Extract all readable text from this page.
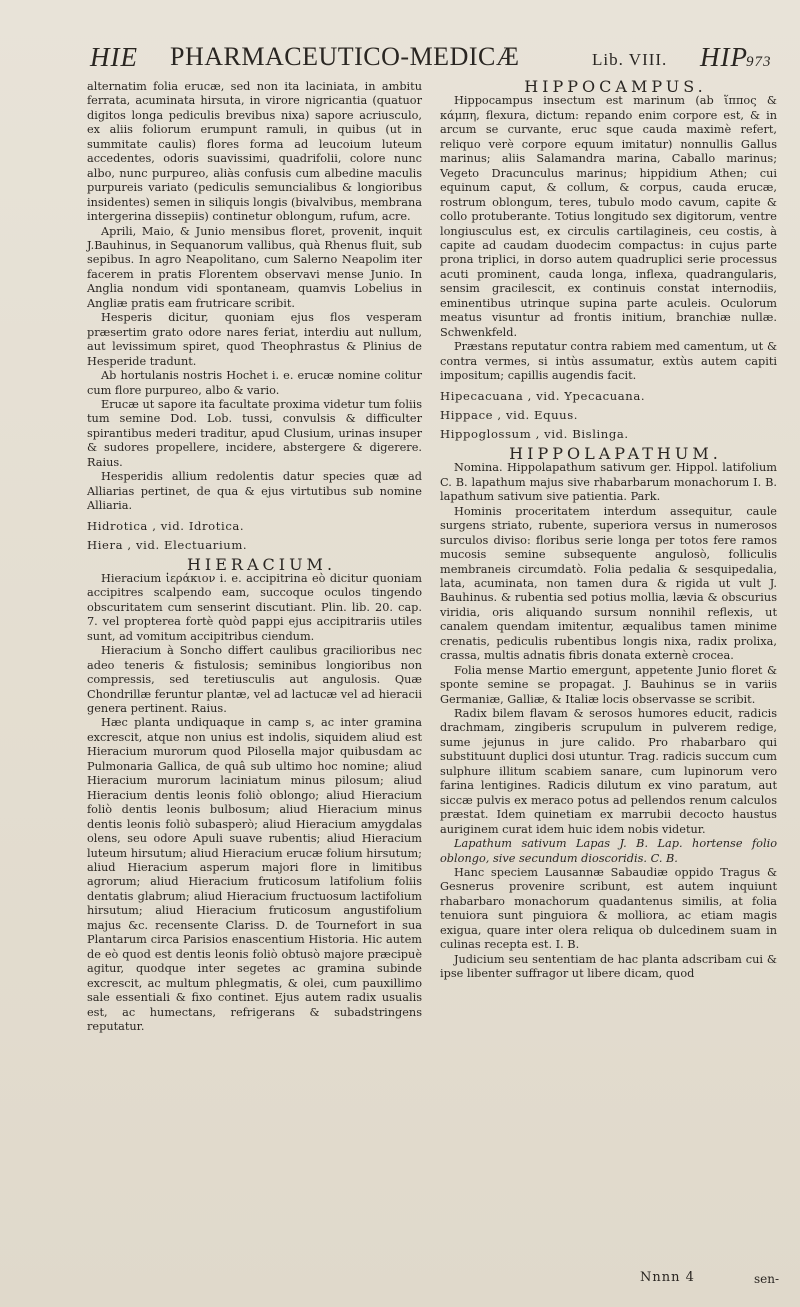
HIE PHARMACEUTICO-MEDICÆ	Lib. VIII. HIP
973

alternatim folia erucæ, sed non ita laciniata, in ambitu ferrata, acuminata hirsuta, in virore nigricantia (quatuor digitos longa pediculis brevibus nixa) sapore acriusculo, ex aliis foliorum erumpunt ramuli, in quibus (ut in summitate caulis) flores forma ad leucoium luteum accedentes, odoris suavissimi, quadrifolii, colore nunc albo, nunc purpureo, aliàs confusis cum albedine maculis purpureis variato (pediculis semuncialibus & longioribus insidentes) semen in siliquis longis (bivalvibus, membrana intergerina dissepiis) continetur oblongum, rufum, acre.

Aprili, Maio, & Junio mensibus floret, provenit, inquit J.Bauhinus, in Sequanorum vallibus, quà Rhenus fluit, sub sepibus. In agro Neapolitano, cum Salerno Neapolim iter facerem in pratis Florentem observavi mense Junio. In Anglia nondum vidi spontaneam, quamvis Lobelius in Angliæ pratis eam frutricare scribit.

Hesperis dicitur, quoniam ejus flos vesperam præsertim grato odore nares feriat, interdiu aut nullum, aut levissimum spiret, quod Theophrastus & Plinius de Hesperide tradunt.

Ab hortulanis nostris Hochet i. e. erucæ nomine colitur cum flore purpureo, albo & vario.

Erucæ ut sapore ita facultate proxima videtur tum foliis tum semine Dod. Lob. tussi, convulsis & difficulter spirantibus mederi traditur, apud Clusium, urinas insuper & sudores propellere, incidere, abstergere & digerere. Raius.

Hesperidis allium redolentis datur species quæ ad Alliarias pertinet, de qua & ejus virtutibus sub nomine Alliaria.

Hidrotica , vid. Idrotica.

Hiera , vid. Electuarium.

HIERACIUM.

Hieracium ἱεράκιον i. e. accipitrina eò dicitur quoniam accipitres scalpendo eam, succoque oculos tingendo obscuritatem cum senserint discutiant. Plin. lib. 20. cap. 7. vel propterea fortè quòd pappi ejus accipitrariis utiles sunt, ad vomitum accipitribus ciendum.

Hieracium à Soncho differt caulibus gracilioribus nec adeo teneris & fistulosis; seminibus longioribus non compressis, sed teretiusculis aut angulosis. Quæ Chondrillæ feruntur plantæ, vel ad lactucæ vel ad hieracii genera pertinent. Raius.

Hæc planta undiquaque in camp s, ac inter gramina excrescit, atque non unius est indolis, siquidem aliud est Hieracium murorum quod Pilosella major quibusdam ac Pulmonaria Gallica, de quâ sub ultimo hoc nomine; aliud Hieracium murorum laciniatum minus pilosum; aliud Hieracium dentis leonis foliò oblongo; aliud Hieracium foliò dentis leonis bulbosum; aliud Hieracium minus dentis leonis foliò subasperò; aliud Hieracium amygdalas olens, seu odore Apuli suave rubentis; aliud Hieracium luteum hirsutum; aliud Hieracium erucæ folium hirsutum; aliud Hieracium asperum majori flore in limitibus agrorum; aliud Hieracium fruticosum latifolium foliis dentatis glabrum; aliud Hieracium fructuosum lactifolium hirsutum; aliud Hieracium fruticosum angustifolium majus &c. recensente Clariss. D. de Tournefort in sua Plantarum circa Parisios enascentium Historia. Hic autem de eò quod est dentis leonis foliò obtusò majore præcipuè agitur, quodque inter segetes ac gramina subinde excrescit, ac multum phlegmatis, & olei, cum pauxillimo sale essentiali & fixo continet. Ejus autem radix usualis est, ac humectans, refrigerans & subadstringens reputatur.

HIPPOCAMPUS.

Hippocampus insectum est marinum (ab ἵππος & κάμπη, flexura, dictum: repando enim corpore est, & in arcum se curvante, eruc sque cauda maximè refert, reliquo verè corpore equum imitatur) nonnullis Gallus marinus; aliis Salamandra marina, Caballo marinus; Vegeto Dracunculus marinus; hippidium Athen; cui equinum caput, & collum, & corpus, cauda erucæ, rostrum oblongum, teres, tubulo modo cavum, capite & collo protuberante. Totius longitudo sex digitorum, ventre longiusculus est, ex circulis cartilagineis, ceu costis, à capite ad caudam duodecim compactus: in cujus parte prona triplici, in dorso autem quadruplici serie processus acuti prominent, cauda longa, inflexa, quadrangularis, sensim gracilescit, ex continuis constat internodiis, eminentibus utrinque supina parte aculeis. Oculorum meatus visuntur ad frontis initium, branchiæ nullæ. Schwenkfeld.

Præstans reputatur contra rabiem med camentum, ut & contra vermes, si intùs assumatur, extùs autem capiti impositum; capillis augendis facit.

Hipecacuana , vid. Ypecacuana.

Hippace , vid. Equus.

Hippoglossum , vid. Bislinga.

HIPPOLAPATHUM.

Nomina. Hippolapathum sativum ger. Hippol. latifolium C. B. lapathum majus sive rhabarbarum monachorum I. B. lapathum sativum sive patientia. Park.

Hominis proceritatem interdum assequitur, caule surgens striato, rubente, superiora versus in numerosos surculos diviso: floribus serie longa per totos fere ramos mucosis semine subsequente angulosò, folliculis membraneis circumdatò. Folia pedalia & sesquipedalia, lata, acuminata, non tamen dura & rigida ut vult J. Bauhinus. & rubentia sed potius mollia, lævia & obscurius viridia, oris aliquando sursum nonnihil reflexis, ut canalem quendam imitentur, æqualibus tamen minime crenatis, pediculis rubentibus longis nixa, radix prolixa, crassa, multis adnatis fibris donata externè crocea.

Folia mense Martio emergunt, appetente Junio floret & sponte semine se propagat. J. Bauhinus se in variis Germaniæ, Galliæ, & Italiæ locis observasse se scribit.

Radix bilem flavam & serosos humores educit, radicis drachmam, zingiberis scrupulum in pulverem redige, sume jejunus in jure calido. Pro rhabarbaro qui substituunt duplici dosi utuntur. Trag. radicis succum cum sulphure illitum scabiem sanare, cum lupinorum vero farina lentigines. Radicis dilutum ex vino paratum, aut siccæ pulvis ex meraco potus ad pellendos renum calculos præstat. Idem quinetiam ex marrubii decocto haustus auriginem curat idem huic idem nobis videtur.

Lapathum sativum Lapas J. B. Lap. hortense folio oblongo, sive secundum dioscoridis. C. B.

Hanc speciem Lausannæ Sabaudiæ oppido Tragus & Gesnerus provenire scribunt, est autem inquiunt rhabarbaro monachorum quadantenus similis, at folia tenuiora sunt pinguiora & molliora, ac etiam magis exigua, quare inter olera reliqua ob dulcedinem suam in culinas recepta est. I. B.

Judicium seu sententiam de hac planta adscribam cui & ipse libenter suffragor ut libere dicam, quod

Nnnn 4	sen-
